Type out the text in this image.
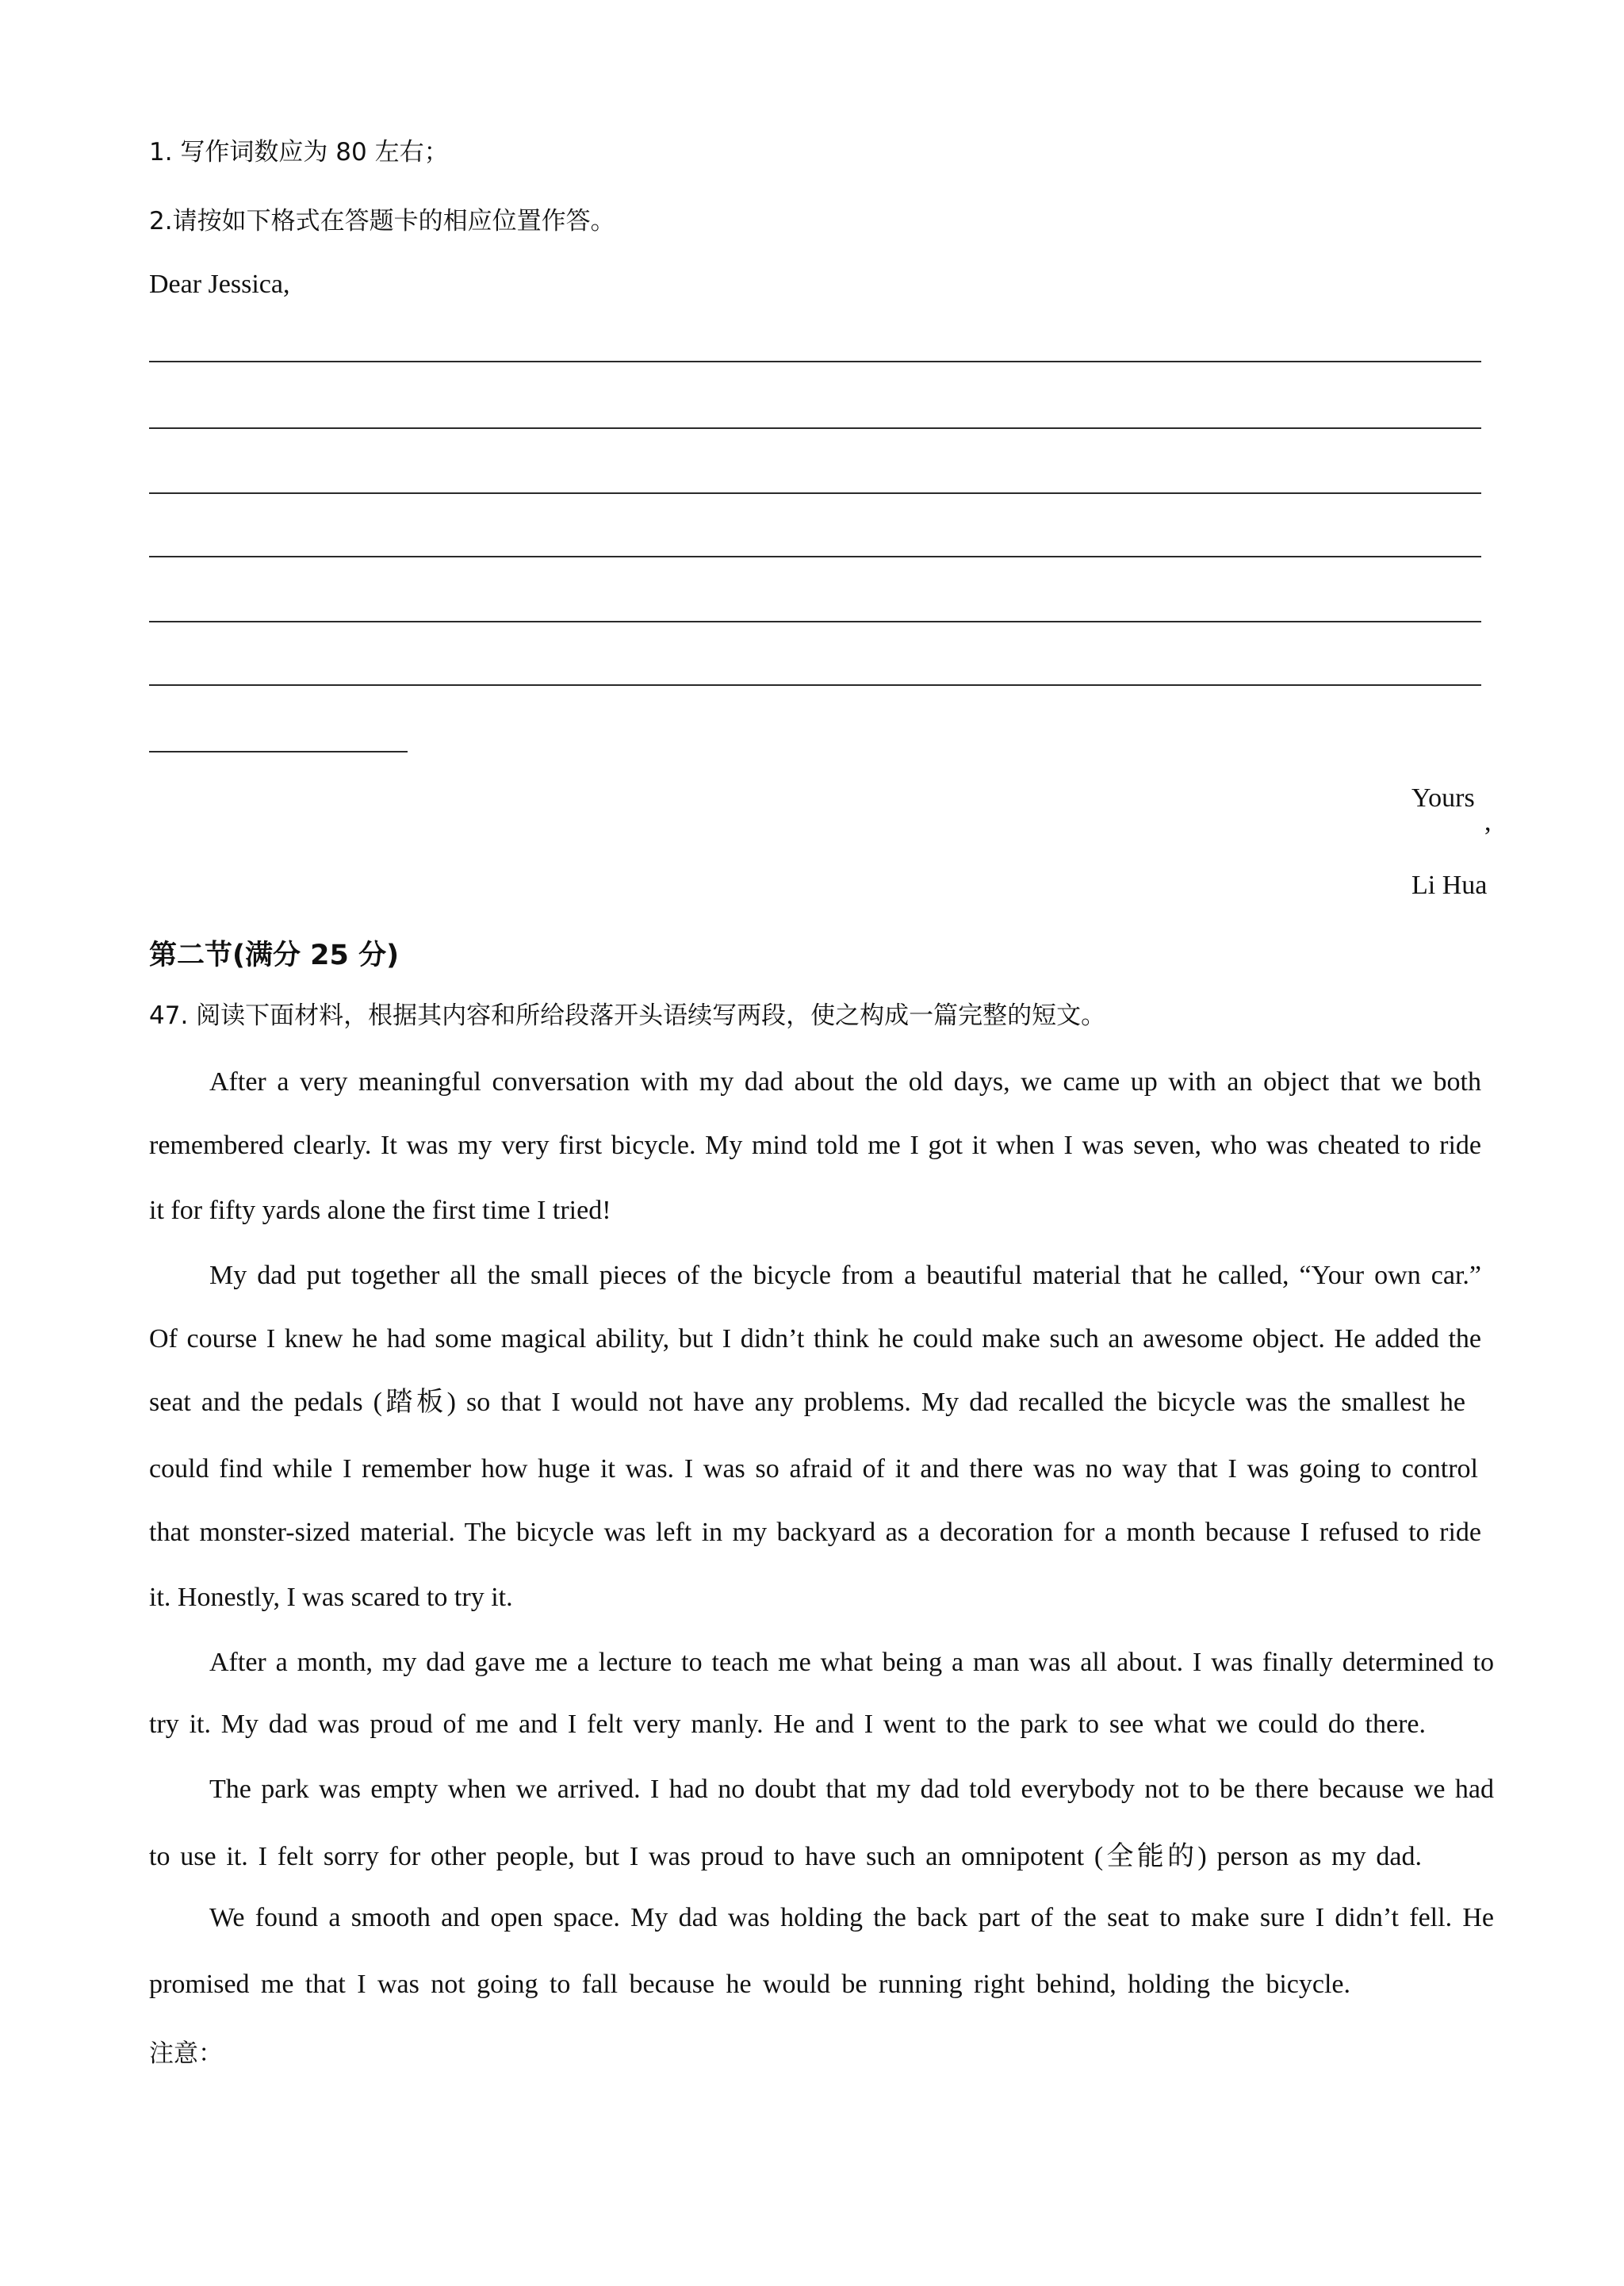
1. 写作词数应为 80 左右；
2.请按如下格式在答题卡的相应位置作答。
Dear Jessica,
Yours
,
Li Hua
第二节(满分 25 分)
47. 阅读下面材料，根据其内容和所给段落开头语续写两段，使之构成一篇完整的短文。
After a very meaningful conversation with my dad about the old days, we came up with an object that we both
remembered clearly. It was my very first bicycle. My mind told me I got it when I was seven, who was cheated to ride
it for fifty yards alone the first time I tried!
My dad put together all the small pieces of the bicycle from a beautiful material that he called, “Your own car.”
Of course I knew he had some magical ability, but I didn’t think he could make such an awesome object. He added the
seat and the pedals (踏板) so that I would not have any problems. My dad recalled the bicycle was the smallest he
could find while I remember how huge it was. I was so afraid of it and there was no way that I was going to control
that monster-sized material. The bicycle was left in my backyard as a decoration for a month because I refused to ride
it. Honestly, I was scared to try it.
After a month, my dad gave me a lecture to teach me what being a man was all about. I was finally determined to
try it. My dad was proud of me and I felt very manly. He and I went to the park to see what we could do there.
The park was empty when we arrived. I had no doubt that my dad told everybody not to be there because we had
to use it. I felt sorry for other people, but I was proud to have such an omnipotent (全能的) person as my dad.
We found a smooth and open space. My dad was holding the back part of the seat to make sure I didn’t fell. He
promised me that I was not going to fall because he would be running right behind, holding the bicycle.
注意：
